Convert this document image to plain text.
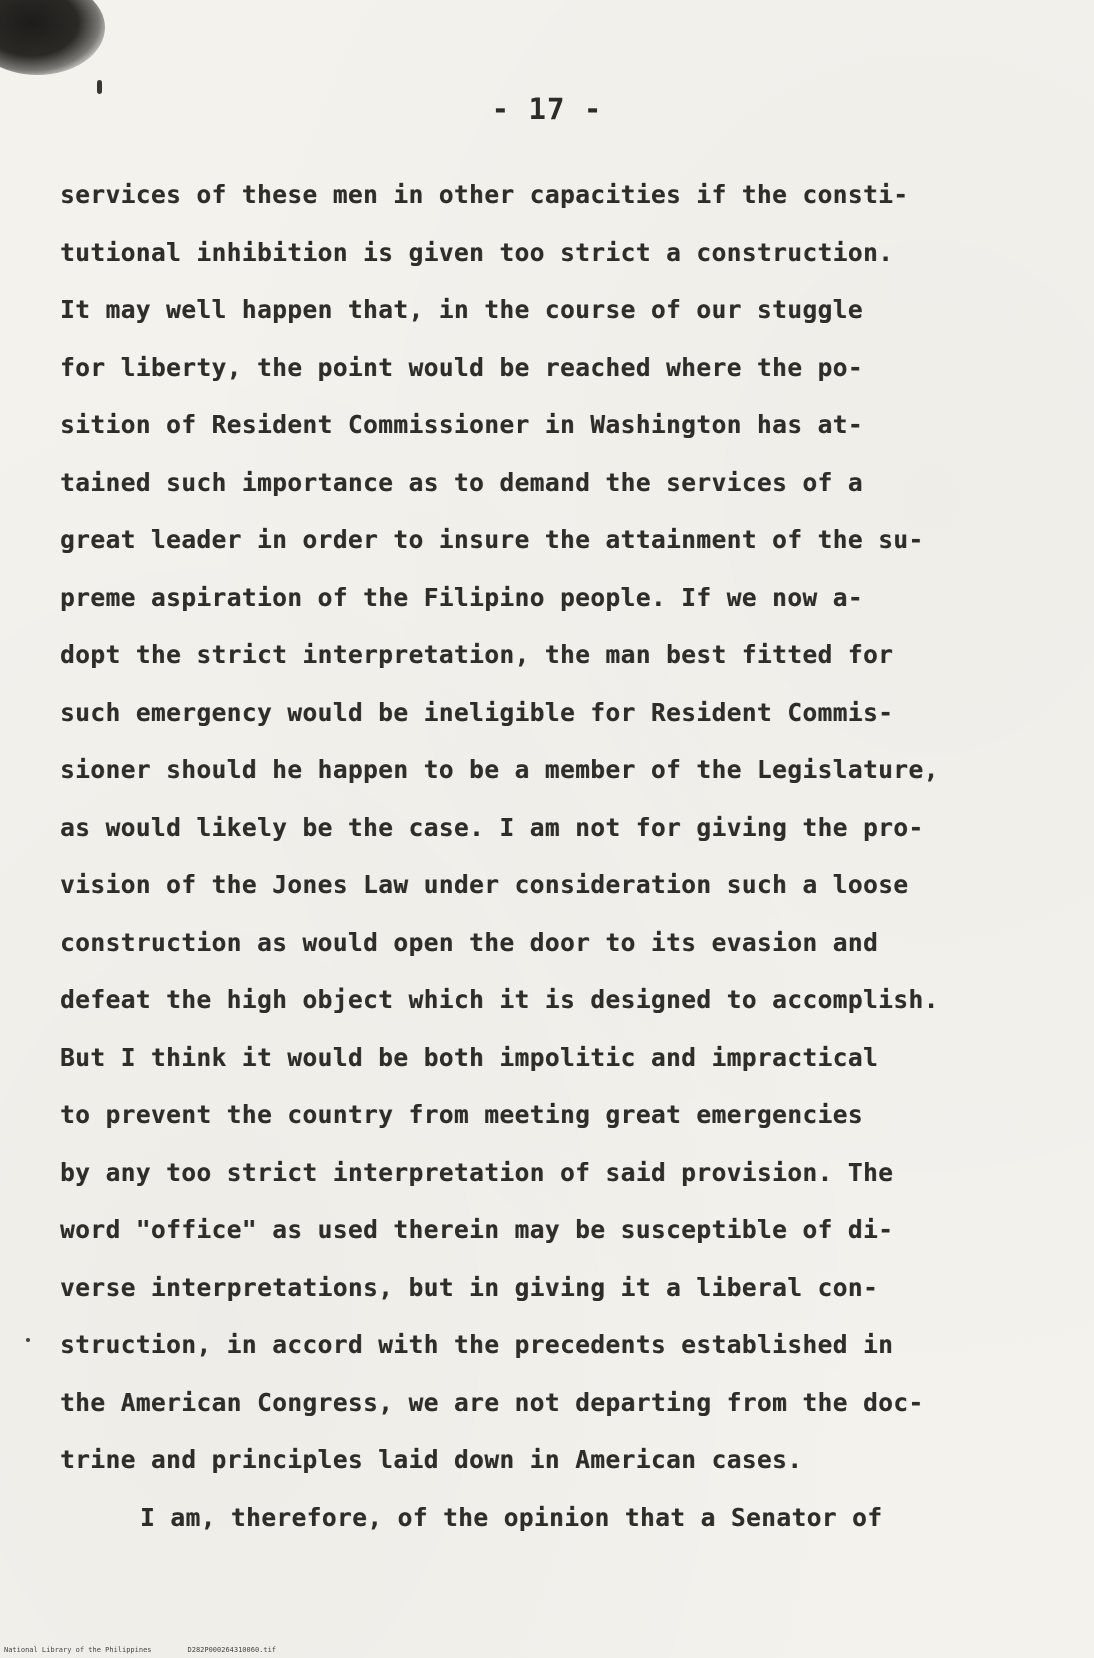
- 17 -
services of these men in other capacities if the consti-
tutional inhibition is given too strict a construction.
It may well happen that, in the course of our stuggle
for liberty, the point would be reached where the po-
sition of Resident Commissioner in Washington has at-
tained such importance as to demand the services of a
great leader in order to insure the attainment of the su-
preme aspiration of the Filipino people. If we now a-
dopt the strict interpretation, the man best fitted for
such emergency would be ineligible for Resident Commis-
sioner should he happen to be a member of the Legislature,
as would likely be the case. I am not for giving the pro-
vision of the Jones Law under consideration such a loose
construction as would open the door to its evasion and
defeat the high object which it is designed to accomplish.
But I think it would be both impolitic and impractical
to prevent the country from meeting great emergencies
by any too strict interpretation of said provision. The
word "office" as used therein may be susceptible of di-
verse interpretations, but in giving it a liberal con-
struction, in accord with the precedents established in
the American Congress, we are not departing from the doc-
trine and principles laid down in American cases.
I am, therefore, of the opinion that a Senator of
National Library of the Philippines	D282P000264310060.tif
